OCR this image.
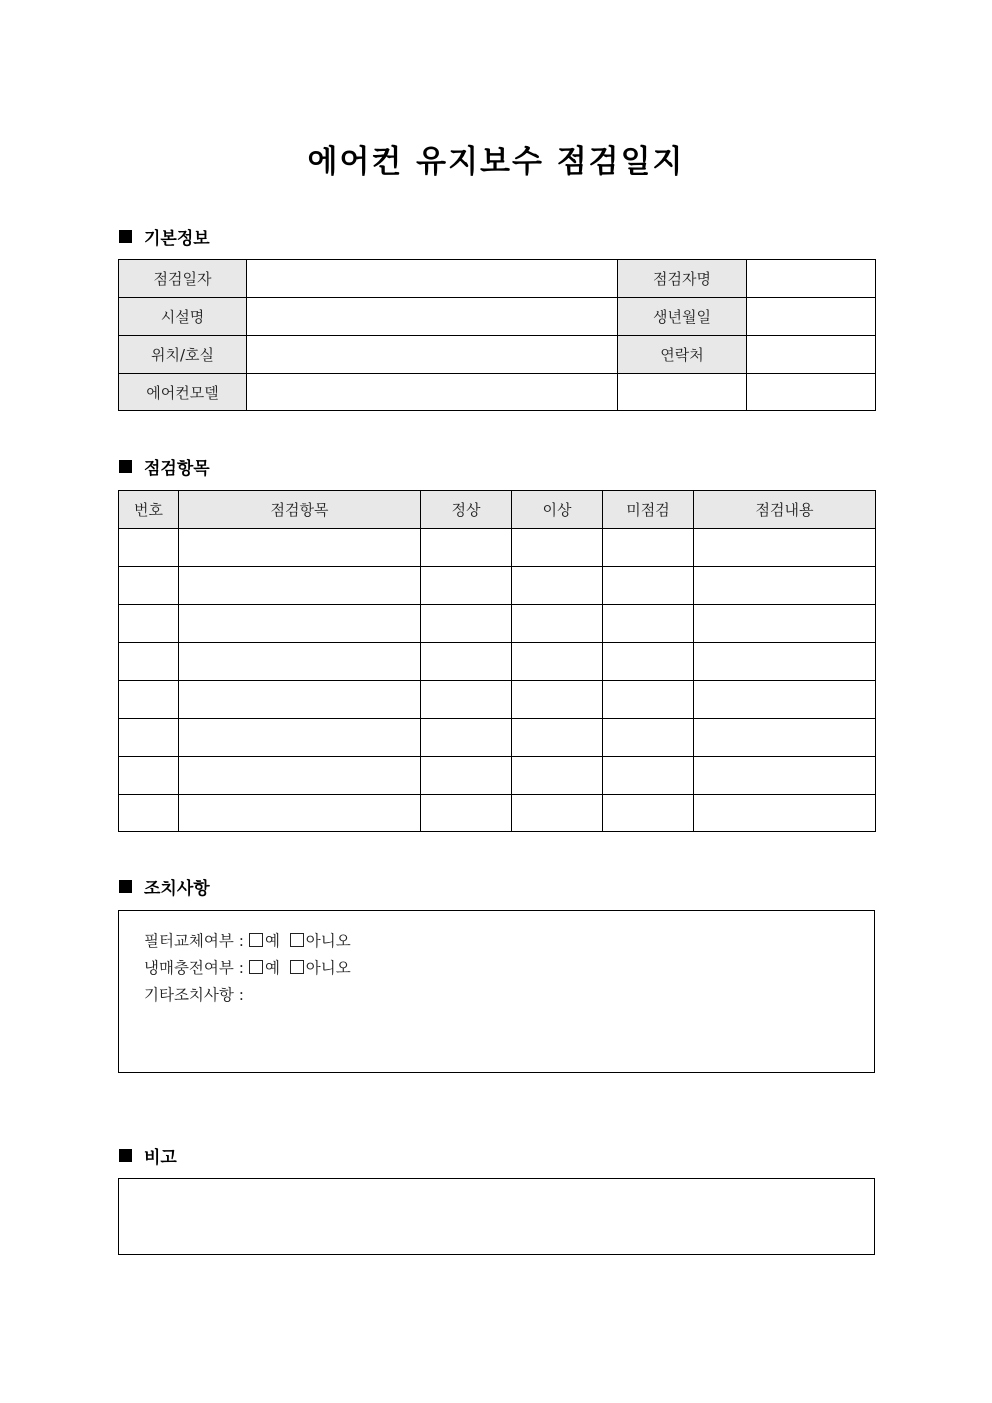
에어컨 유지보수 점검일지
기본정보
점검일자		점검자명	
시설명		생년월일	
위치/호실		연락처	
에어컨모델			
점검항목
번호	점검항목	정상	이상	미점검	점검내용

조치사항
필터교체여부 : 예 아니오
냉매충전여부 : 예 아니오
기타조치사항 :
비고
